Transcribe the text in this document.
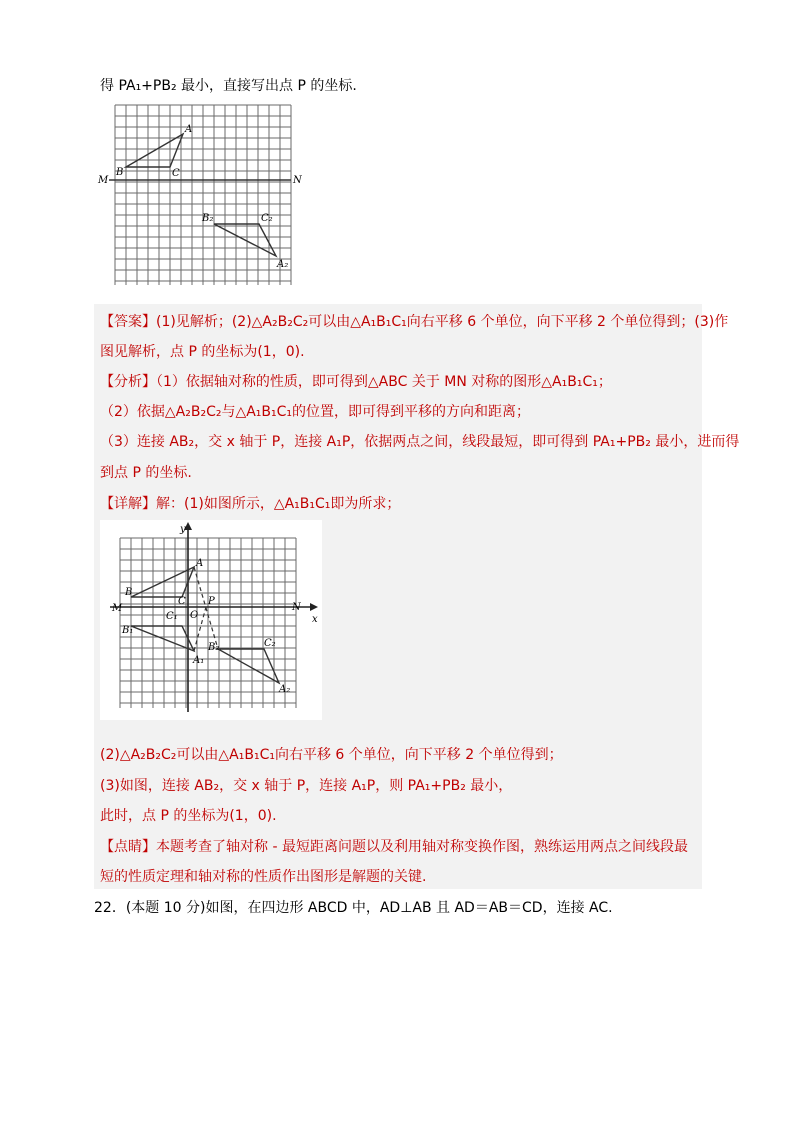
得 PA₁+PB₂ 最小，直接写出点 P 的坐标.
A
B	C
M	N
B₂	C₂
A₂
【答案】(1)见解析；(2)△A₂B₂C₂可以由△A₁B₁C₁向右平移 6 个单位，向下平移 2 个单位得到；(3)作
图见解析，点 P 的坐标为(1，0).
【分析】（1）依据轴对称的性质，即可得到△ABC 关于 MN 对称的图形△A₁B₁C₁；
（2）依据△A₂B₂C₂与△A₁B₁C₁的位置，即可得到平移的方向和距离；
（3）连接 AB₂，交 x 轴于 P，连接 A₁P，依据两点之间，线段最短，即可得到 PA₁+PB₂ 最小，进而得
到点 P 的坐标.
【详解】解：(1)如图所示，△A₁B₁C₁即为所求；
y
x
A
M	N
B
C
O
P
C₁
B₁
B₂	C₂
A₁
A₂
(2)△A₂B₂C₂可以由△A₁B₁C₁向右平移 6 个单位，向下平移 2 个单位得到；
(3)如图，连接 AB₂，交 x 轴于 P，连接 A₁P，则 PA₁+PB₂ 最小，
此时，点 P 的坐标为(1，0).
【点睛】本题考查了轴对称 - 最短距离问题以及利用轴对称变换作图，熟练运用两点之间线段最
短的性质定理和轴对称的性质作出图形是解题的关键.
22．(本题 10 分)如图，在四边形 ABCD 中，AD⊥AB 且 AD＝AB＝CD，连接 AC.
